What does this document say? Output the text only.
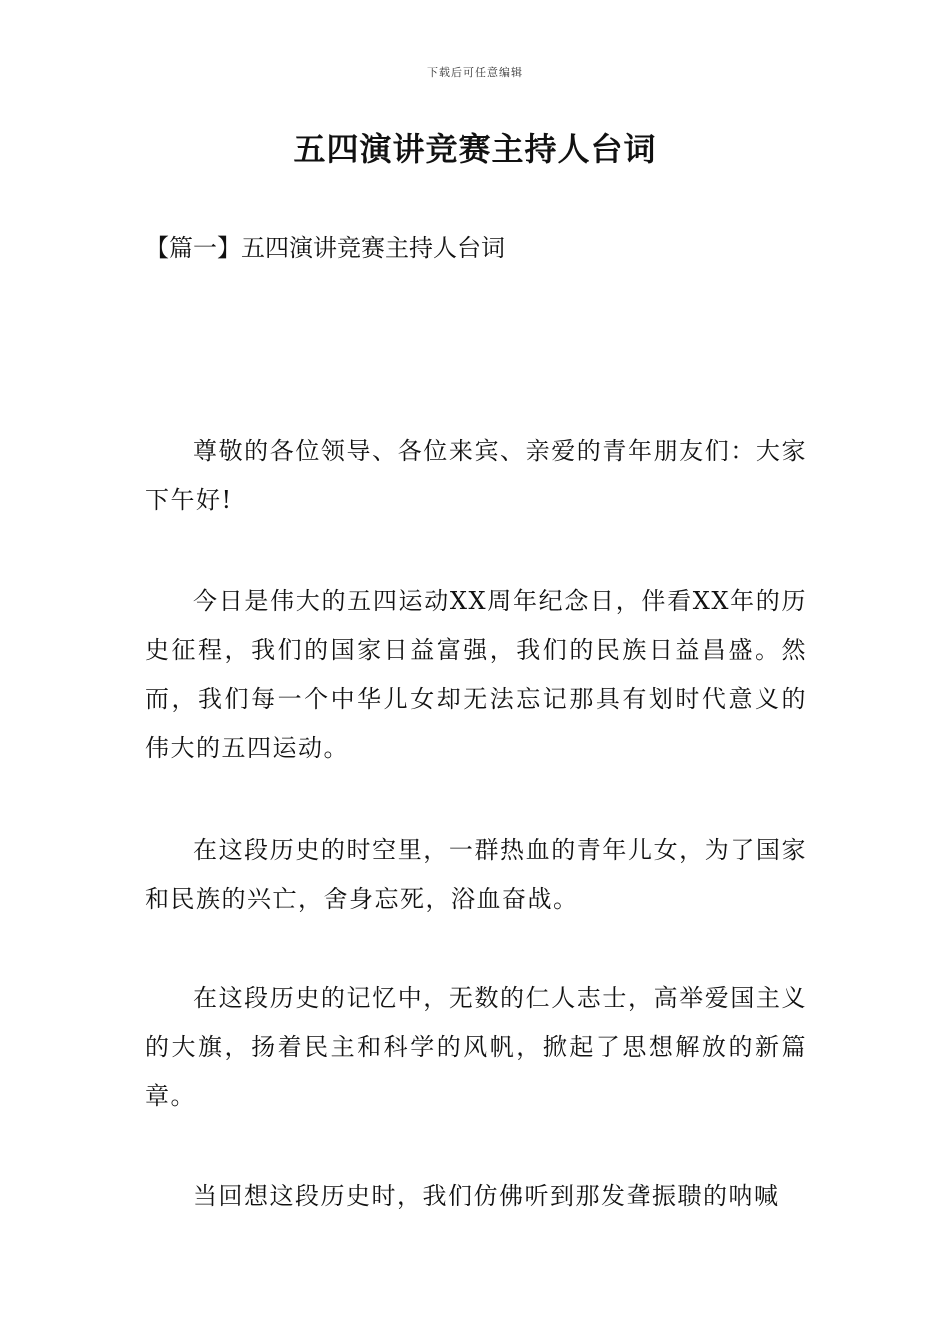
下载后可任意编辑
五四演讲竞赛主持人台词
【篇一】五四演讲竞赛主持人台词

尊敬的各位领导、各位来宾、亲爱的青年朋友们：大家下午好!

今日是伟大的五四运动XX周年纪念日，伴看XX年的历史征程，我们的国家日益富强，我们的民族日益昌盛。然而，我们每一个中华儿女却无法忘记那具有划时代意义的伟大的五四运动。

在这段历史的时空里，一群热血的青年儿女，为了国家和民族的兴亡，舍身忘死，浴血奋战。

在这段历史的记忆中，无数的仁人志士，高举爱国主义的大旗，扬着民主和科学的风帆，掀起了思想解放的新篇章。

当回想这段历史时，我们仿佛听到那发聋振聩的呐喊
